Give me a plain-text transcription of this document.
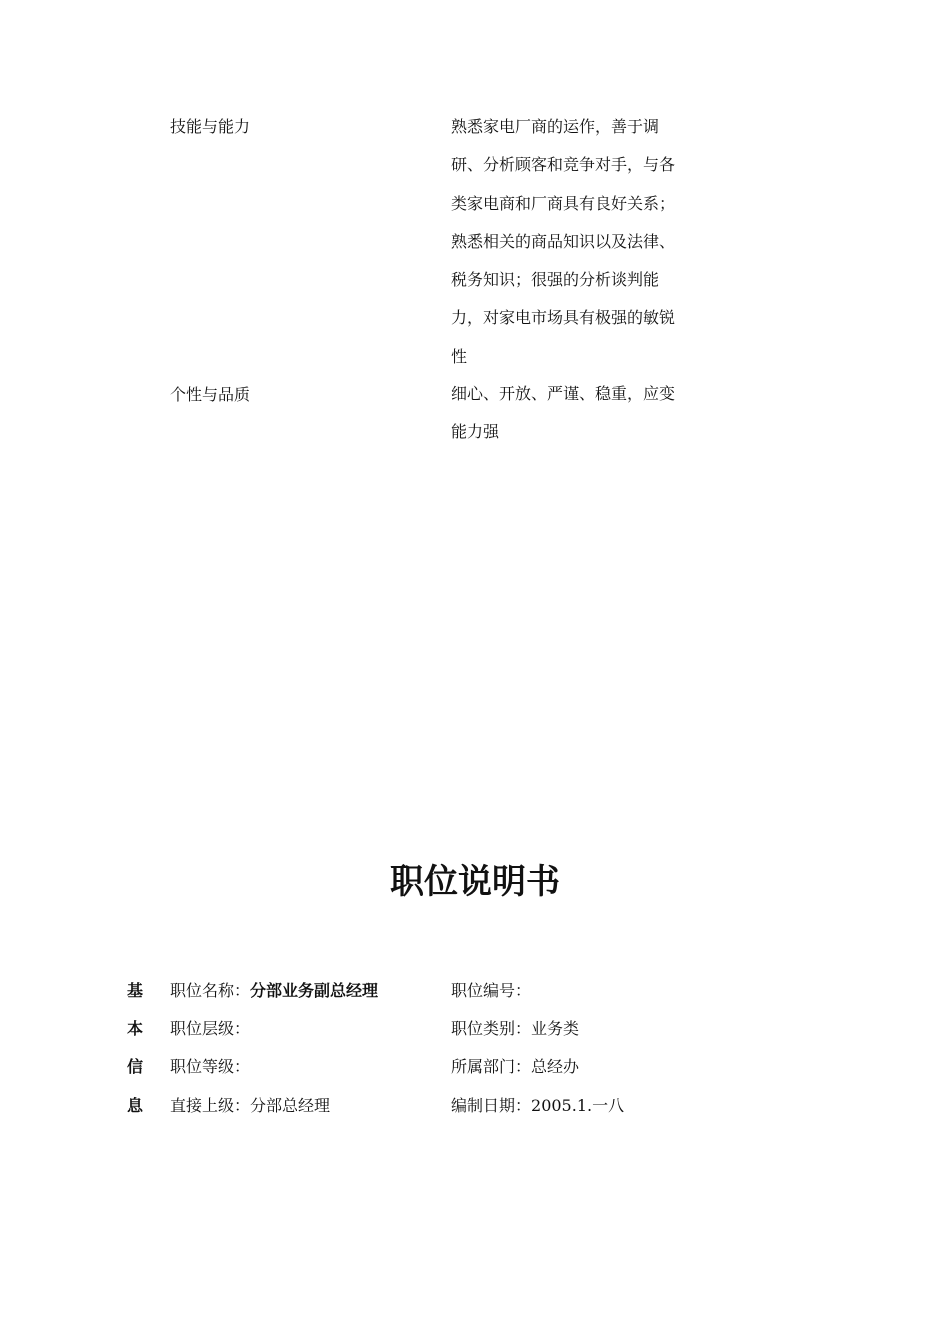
技能与能力	熟悉家电厂商的运作，善于调
研、分析顾客和竞争对手，与各
类家电商和厂商具有良好关系；
熟悉相关的商品知识以及法律、
税务知识；很强的分析谈判能
力，对家电市场具有极强的敏锐
性
个性与品质	细心、开放、严谨、稳重，应变
能力强
职位说明书
基
本
信
息
职位名称：分部业务副总经理	职位编号：
职位层级：	职位类别：业务类
职位等级：	所属部门：总经办
直接上级：分部总经理	编制日期：2005.1.一八
